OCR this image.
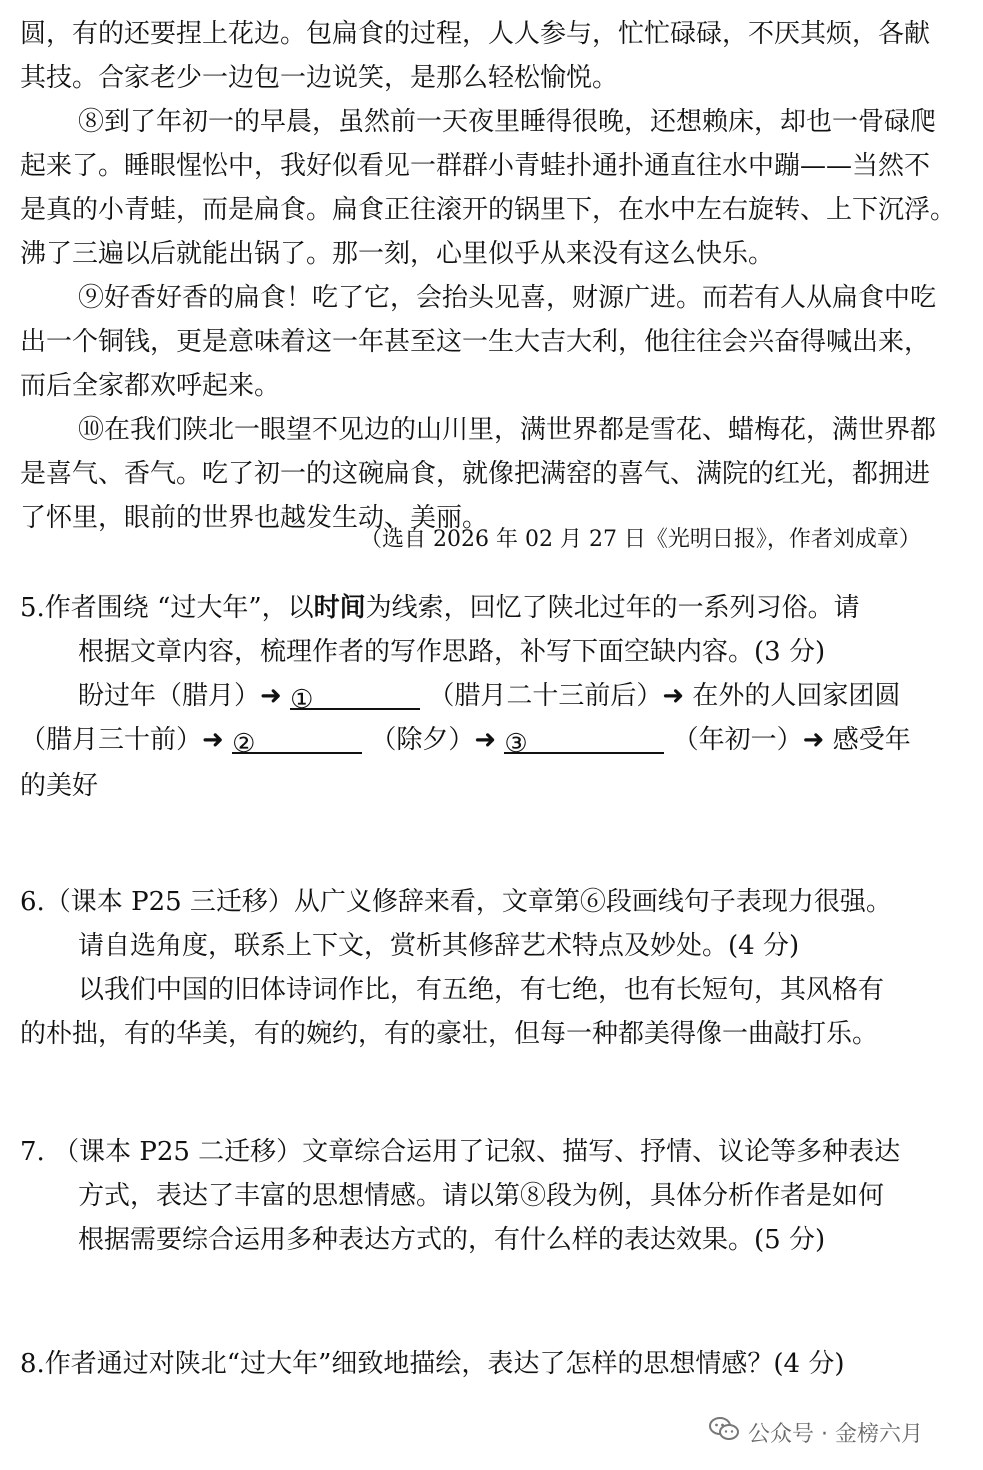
圆，有的还要捏上花边。包扁食的过程，人人参与，忙忙碌碌，不厌其烦，各献
其技。合家老少一边包一边说笑，是那么轻松愉悦。
⑧到了年初一的早晨，虽然前一天夜里睡得很晚，还想赖床，却也一骨碌爬
起来了。睡眼惺忪中，我好似看见一群群小青蛙扑通扑通直往水中蹦——当然不
是真的小青蛙，而是扁食。扁食正往滚开的锅里下，在水中左右旋转、上下沉浮。
沸了三遍以后就能出锅了。那一刻，心里似乎从来没有这么快乐。
⑨好香好香的扁食！吃了它，会抬头见喜，财源广进。而若有人从扁食中吃
出一个铜钱，更是意味着这一年甚至这一生大吉大利，他往往会兴奋得喊出来，
而后全家都欢呼起来。
⑩在我们陕北一眼望不见边的山川里，满世界都是雪花、蜡梅花，满世界都
是喜气、香气。吃了初一的这碗扁食，就像把满窑的喜气、满院的红光，都拥进
了怀里，眼前的世界也越发生动、美丽。
（选自 2026 年 02 月 27 日《光明日报》，作者刘成章）
5.作者围绕 “过大年”，以时间为线索，回忆了陕北过年的一系列习俗。请
根据文章内容，梳理作者的写作思路，补写下面空缺内容。(3 分)
盼过年（腊月）➜ ①	（腊月二十三前后）➜ 在外的人回家团圆
（腊月三十前）➜ ②	（除夕）➜ ③	（年初一）➜ 感受年
的美好
6.（课本 P25 三迁移）从广义修辞来看，文章第⑥段画线句子表现力很强。
请自选角度，联系上下文，赏析其修辞艺术特点及妙处。(4 分)
以我们中国的旧体诗词作比，有五绝，有七绝，也有长短句，其风格有
的朴拙，有的华美，有的婉约，有的豪壮，但每一种都美得像一曲敲打乐。
7. （课本 P25 二迁移）文章综合运用了记叙、描写、抒情、议论等多种表达
方式，表达了丰富的思想情感。请以第⑧段为例，具体分析作者是如何
根据需要综合运用多种表达方式的，有什么样的表达效果。(5 分)
8.作者通过对陕北“过大年”细致地描绘，表达了怎样的思想情感？(4 分)
公众号 · 金榜六月
